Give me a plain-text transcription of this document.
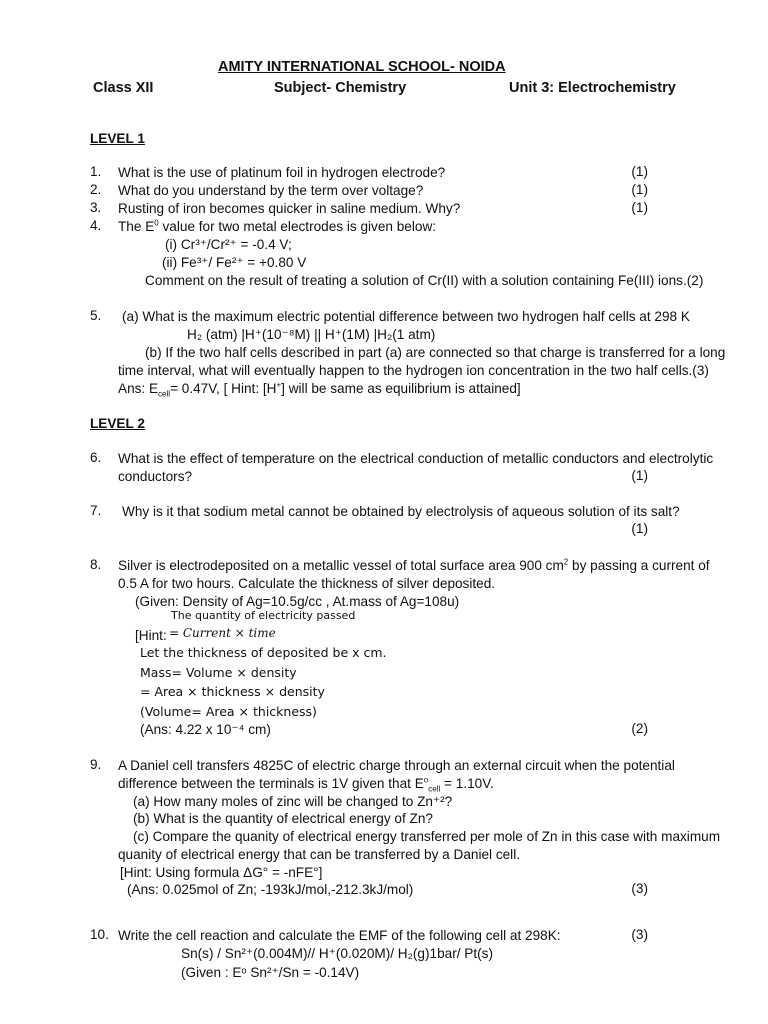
AMITY INTERNATIONAL SCHOOL- NOIDA
Class XII	Subject- Chemistry	Unit 3: Electrochemistry
LEVEL 1
1. What is the use of platinum foil in hydrogen electrode?	(1)
2. What do you understand by the term over voltage?	(1)
3. Rusting of iron becomes quicker in saline medium. Why?	(1)
4. The $E^0$ value for two metal electrodes is given below:
(i) Cr³⁺/Cr²⁺ = -0.4 V;
(ii) Fe³⁺/ Fe²⁺ = +0.80 V
Comment on the result of treating a solution of Cr(II) with a solution containing Fe(III) ions.(2)
5. (a) What is the maximum electric potential difference between two hydrogen half cells at 298 K
H₂ (atm) |H⁺(10⁻⁸M) || H⁺(1M) |H₂(1 atm)
(b) If the two half cells described in part (a) are connected so that charge is transferred for a long
time interval, what will eventually happen to the hydrogen ion concentration in the two half cells.(3)
Ans: $E_{cell}= 0.47V$, [ Hint: [H+] will be same as equilibrium is attained]
LEVEL 2
6. What is the effect of temperature on the electrical conduction of metallic conductors and electrolytic
conductors?	(1)
7. Why is it that sodium metal cannot be obtained by electrolysis of aqueous solution of its salt?
(1)
8. Silver is electrodeposited on a metallic vessel of total surface area 900 $cm^2$ by passing a current of
0.5 A for two hours. Calculate the thickness of silver deposited.
(Given: Density of Ag=10.5g/cc , At.mass of Ag=108u)
The quantity of electricity passed
[Hint: = Current × time
Let the thickness of deposited be x cm.
Mass= Volume × density
= Area × thickness × density
(Volume= Area × thickness)
(Ans: 4.22 x 10⁻⁴ cm)	(2)
9. A Daniel cell transfers 4825C of electric charge through an external circuit when the potential
difference between the terminals is 1V given that $E^o_{cell} = 1.10V$.
(a) How many moles of zinc will be changed to Zn⁺²?
(b) What is the quantity of electrical energy of Zn?
(c) Compare the quanity of electrical energy transferred per mole of Zn in this case with maximum
quanity of electrical energy that can be transferred by a Daniel cell.
[Hint: Using formula ΔG° = -nFE°]
(Ans: 0.025mol of Zn; -193kJ/mol,-212.3kJ/mol)	(3)
10. Write the cell reaction and calculate the EMF of the following cell at 298K:	(3)
Sn(s) / Sn²⁺(0.004M)// H⁺(0.020M)/ H₂(g)1bar/ Pt(s)
(Given : Eᵒ Sn²⁺/Sn = -0.14V)
